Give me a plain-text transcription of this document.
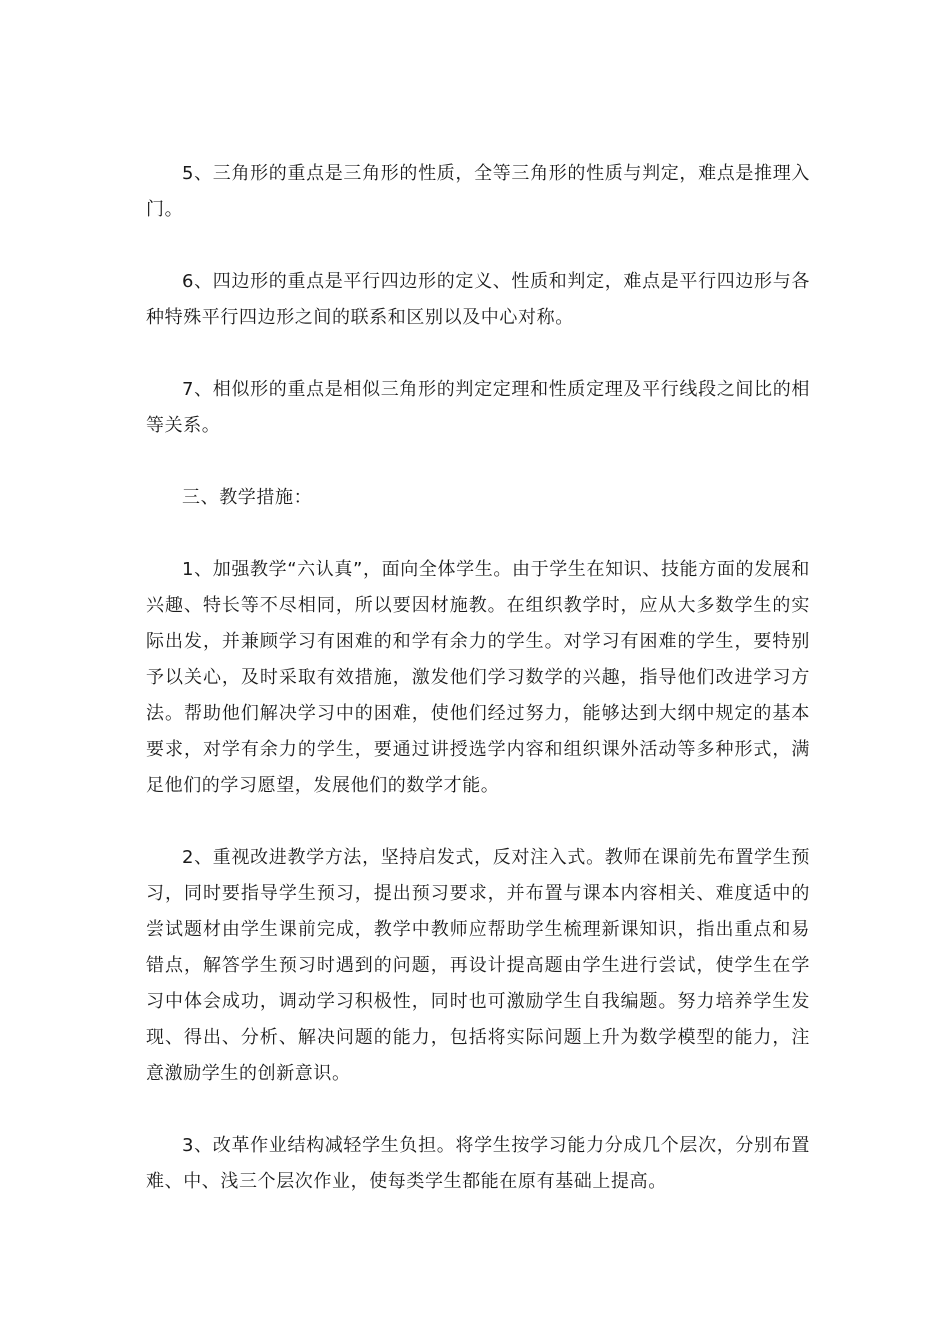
5、三角形的重点是三角形的性质，全等三角形的性质与判定，难点是推理入门。

6、四边形的重点是平行四边形的定义、性质和判定，难点是平行四边形与各种特殊平行四边形之间的联系和区别以及中心对称。

7、相似形的重点是相似三角形的判定定理和性质定理及平行线段之间比的相等关系。

三、教学措施：

1、加强教学“六认真”，面向全体学生。由于学生在知识、技能方面的发展和兴趣、特长等不尽相同，所以要因材施教。在组织教学时，应从大多数学生的实际出发，并兼顾学习有困难的和学有余力的学生。对学习有困难的学生，要特别予以关心，及时采取有效措施，激发他们学习数学的兴趣，指导他们改进学习方法。帮助他们解决学习中的困难，使他们经过努力，能够达到大纲中规定的基本要求，对学有余力的学生，要通过讲授选学内容和组织课外活动等多种形式，满足他们的学习愿望，发展他们的数学才能。

2、重视改进教学方法，坚持启发式，反对注入式。教师在课前先布置学生预习，同时要指导学生预习，提出预习要求，并布置与课本内容相关、难度适中的尝试题材由学生课前完成，教学中教师应帮助学生梳理新课知识，指出重点和易错点，解答学生预习时遇到的问题，再设计提高题由学生进行尝试，使学生在学习中体会成功，调动学习积极性，同时也可激励学生自我编题。努力培养学生发现、得出、分析、解决问题的能力，包括将实际问题上升为数学模型的能力，注意激励学生的创新意识。

3、改革作业结构减轻学生负担。将学生按学习能力分成几个层次，分别布置难、中、浅三个层次作业，使每类学生都能在原有基础上提高。
